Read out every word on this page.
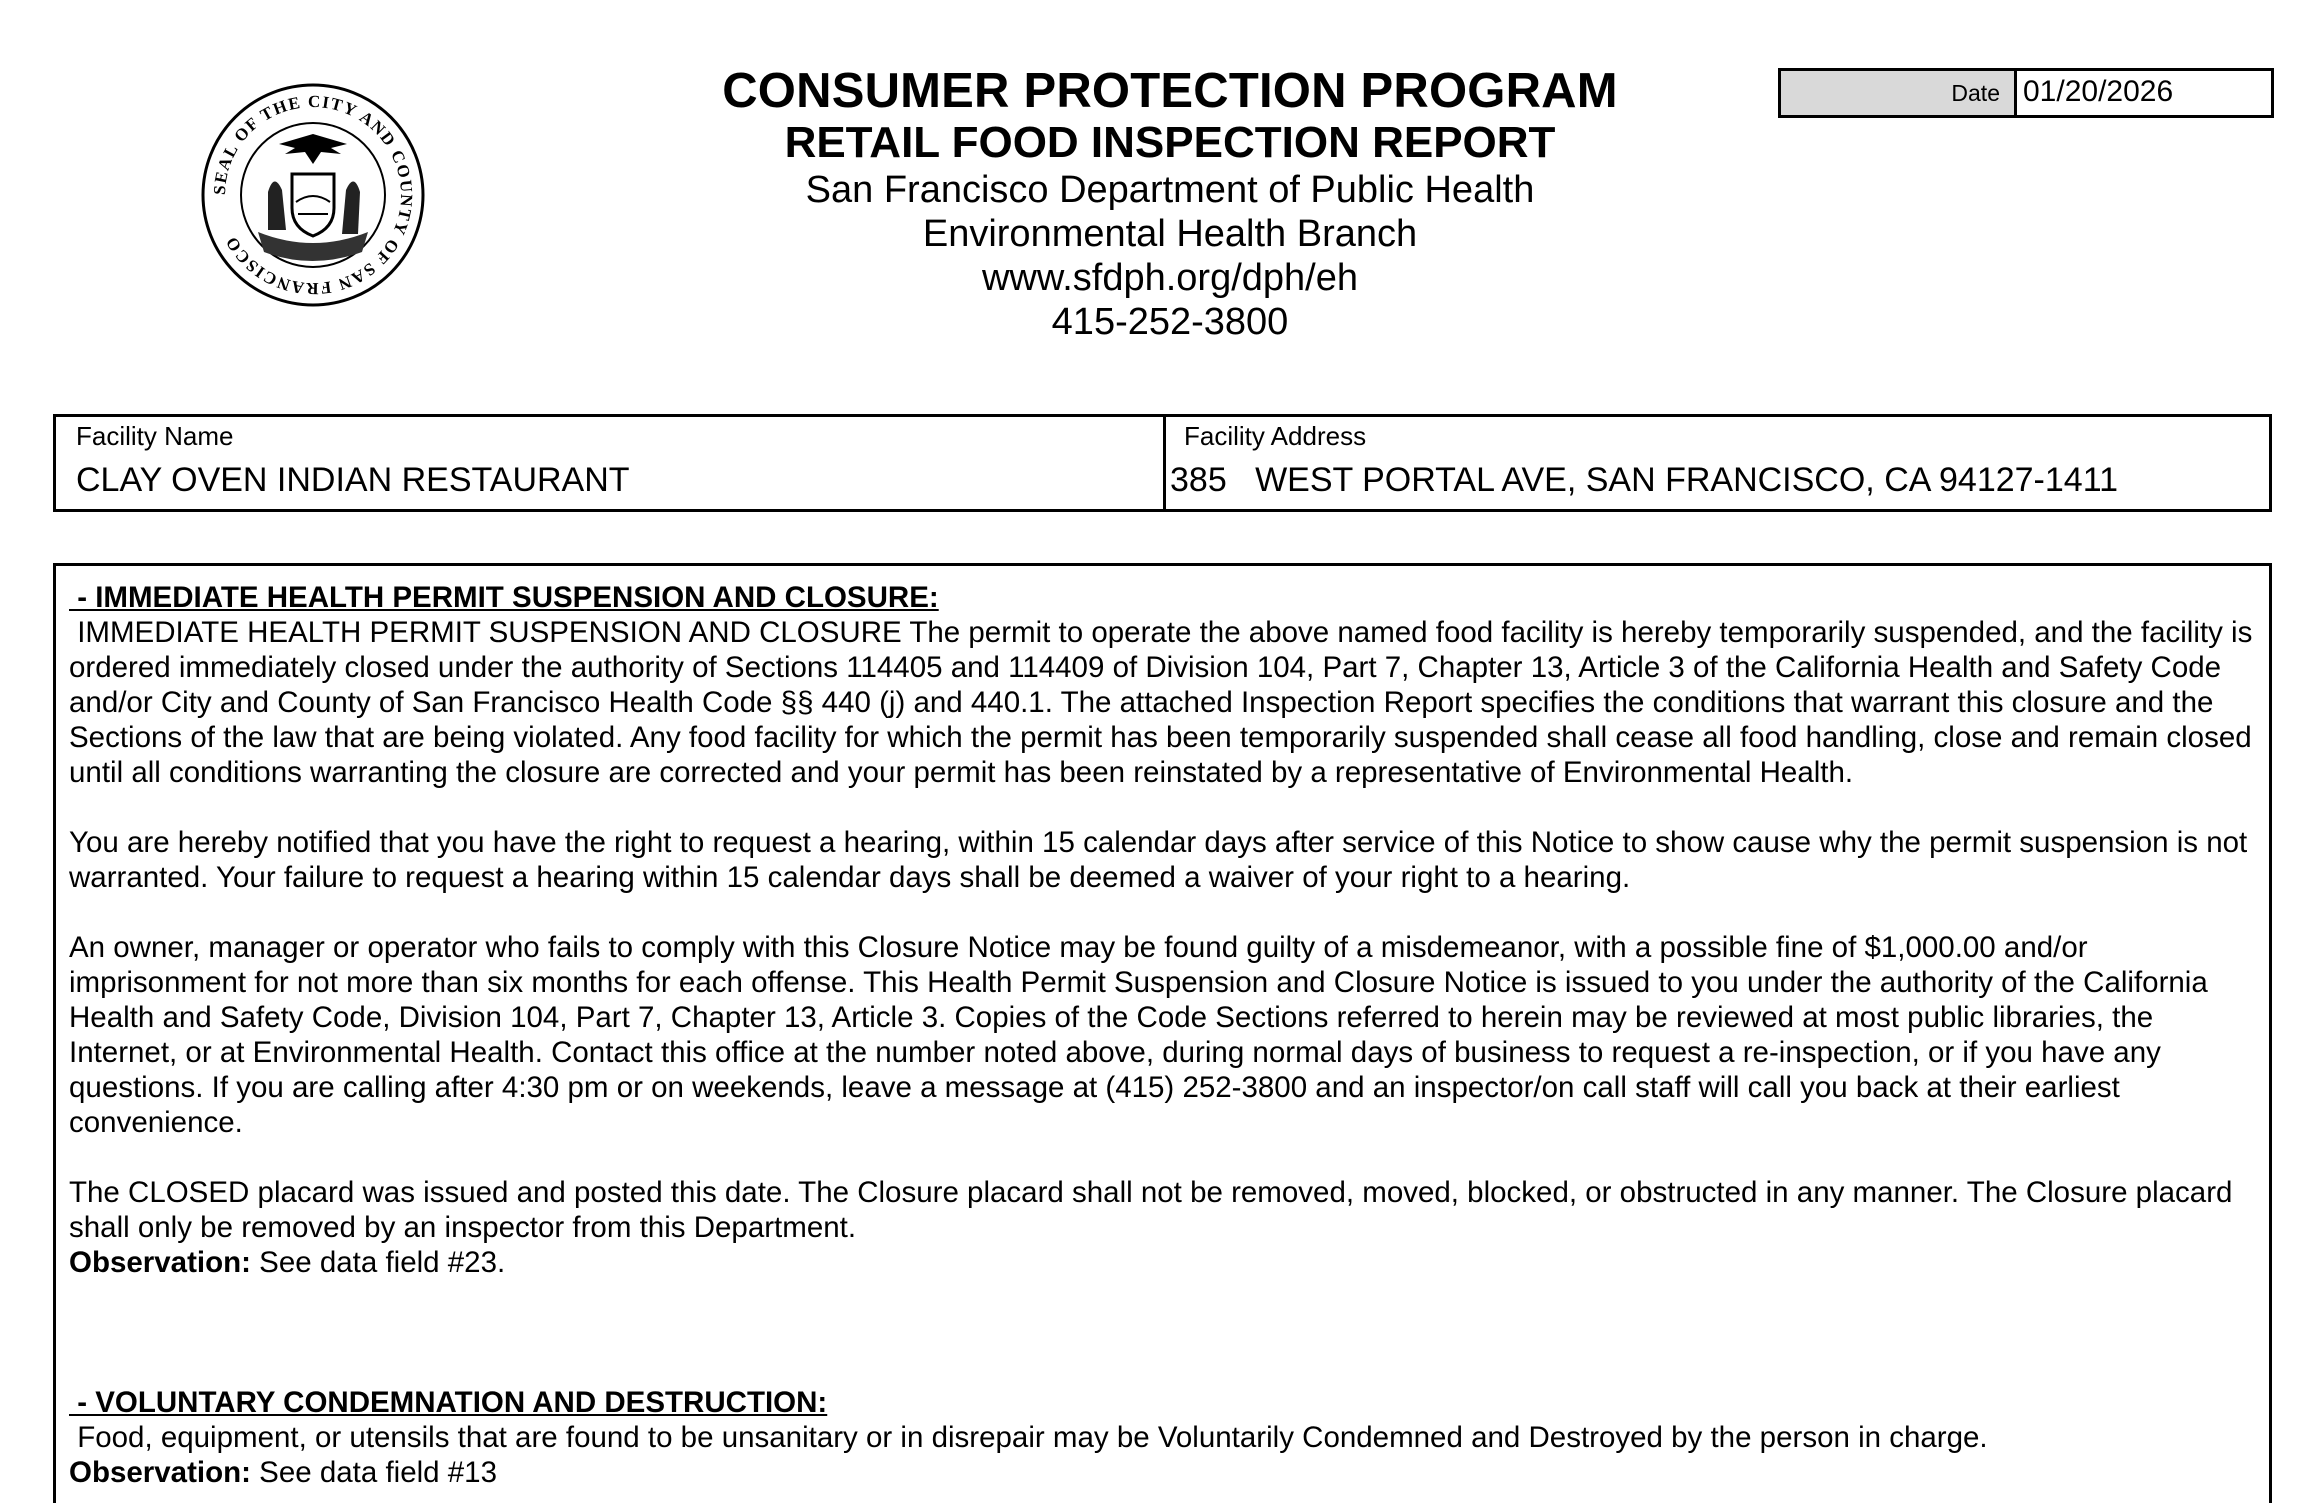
SEAL OF THE CITY AND COUNTY OF SAN FRANCISCO
CONSUMER PROTECTION PROGRAM
RETAIL FOOD INSPECTION REPORT
San Francisco Department of Public Health
Environmental Health Branch
www.sfdph.org/dph/eh
415-252-3800
Date 01/20/2026
Facility Name
CLAY OVEN INDIAN RESTAURANT
Facility Address
385   WEST PORTAL AVE, SAN FRANCISCO, CA 94127-1411

- IMMEDIATE HEALTH PERMIT SUSPENSION AND CLOSURE:

IMMEDIATE HEALTH PERMIT SUSPENSION AND CLOSURE The permit to operate the above named food facility is hereby temporarily suspended, and the facility is ordered immediately closed under the authority of Sections 114405 and 114409 of Division 104, Part 7, Chapter 13, Article 3 of the California Health and Safety Code and/or City and County of San Francisco Health Code §§ 440 (j) and 440.1. The attached Inspection Report specifies the conditions that warrant this closure and the Sections of the law that are being violated. Any food facility for which the permit has been temporarily suspended shall cease all food handling, close and remain closed until all conditions warranting the closure are corrected and your permit has been reinstated by a representative of Environmental Health.

You are hereby notified that you have the right to request a hearing, within 15 calendar days after service of this Notice to show cause why the permit suspension is not warranted. Your failure to request a hearing within 15 calendar days shall be deemed a waiver of your right to a hearing.

An owner, manager or operator who fails to comply with this Closure Notice may be found guilty of a misdemeanor, with a possible fine of $1,000.00 and/or imprisonment for not more than six months for each offense. This Health Permit Suspension and Closure Notice is issued to you under the authority of the California Health and Safety Code, Division 104, Part 7, Chapter 13, Article 3. Copies of the Code Sections referred to herein may be reviewed at most public libraries, the Internet, or at Environmental Health. Contact this office at the number noted above, during normal days of business to request a re-inspection, or if you have any questions. If you are calling after 4:30 pm or on weekends, leave a message at (415) 252-3800 and an inspector/on call staff will call you back at their earliest convenience.

The CLOSED placard was issued and posted this date. The Closure placard shall not be removed, moved, blocked, or obstructed in any manner. The Closure placard shall only be removed by an inspector from this Department.

Observation: See data field #23.

- VOLUNTARY CONDEMNATION AND DESTRUCTION:

Food, equipment, or utensils that are found to be unsanitary or in disrepair may be Voluntarily Condemned and Destroyed by the person in charge.

Observation: See data field #13
